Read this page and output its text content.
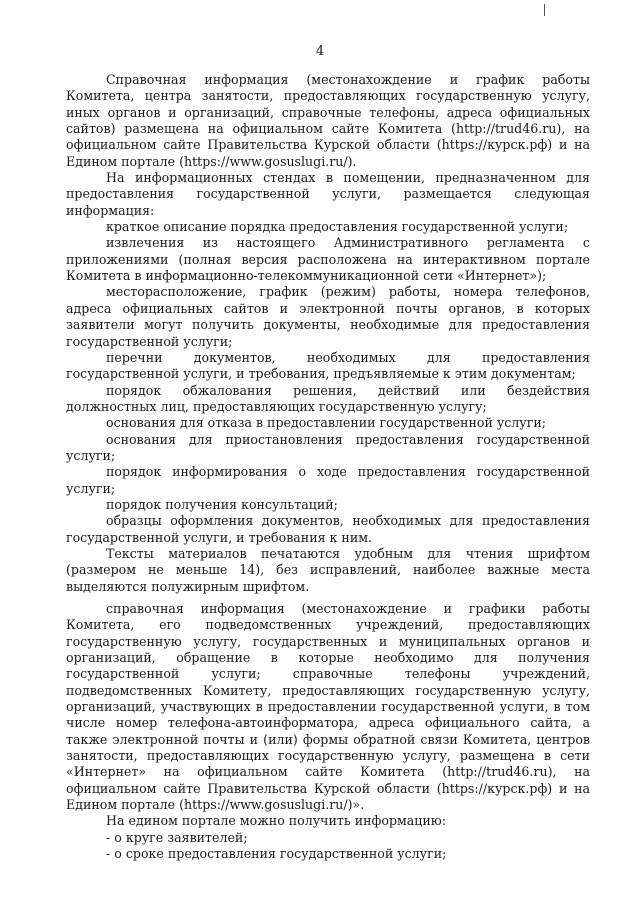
4

Справочная информация (местонахождение и график работы Комитета, центра занятости, предоставляющих государственную услугу, иных органов и организаций, справочные телефоны, адреса официальных сайтов) размещена на официальном сайте Комитета (http://trud46.ru), на официальном сайте Правительства Курской области (https://курск.рф) и на Едином портале (https://www.gosuslugi.ru/).

На информационных стендах в помещении, предназначенном для предоставления государственной услуги, размещается следующая информация:

краткое описание порядка предоставления государственной услуги;

извлечения из настоящего Административного регламента с приложениями (полная версия расположена на интерактивном портале Комитета в информационно-телекоммуникационной сети «Интернет»);

месторасположение, график (режим) работы, номера телефонов, адреса официальных сайтов и электронной почты органов, в которых заявители могут получить документы, необходимые для предоставления государственной услуги;

перечни документов, необходимых для предоставления государственной услуги, и требования, предъявляемые к этим документам;

порядок обжалования решения, действий или бездействия должностных лиц, предоставляющих государственную услугу;

основания для отказа в предоставлении государственной услуги;

основания для приостановления предоставления государственной услуги;

порядок информирования о ходе предоставления государственной услуги;

порядок получения консультаций;

образцы оформления документов, необходимых для предоставления государственной услуги, и требования к ним.

Тексты материалов печатаются удобным для чтения шрифтом (размером не меньше 14), без исправлений, наиболее важные места выделяются полужирным шрифтом.

справочная информация (местонахождение и графики работы Комитета, его подведомственных учреждений, предоставляющих государственную услугу, государственных и муниципальных органов и организаций, обращение в которые необходимо для получения государственной услуги; справочные телефоны учреждений, подведомственных Комитету, предоставляющих государственную услугу, организаций, участвующих в предоставлении государственной услуги, в том числе номер телефона-автоинформатора, адреса официального сайта, а также электронной почты и (или) формы обратной связи Комитета, центров занятости, предоставляющих государственную услугу, размещена в сети «Интернет» на официальном сайте Комитета (http://trud46.ru), на официальном сайте Правительства Курской области (https://курск.рф) и на Едином портале (https://www.gosuslugi.ru/)».

На едином портале можно получить информацию:

- о круге заявителей;

- о сроке предоставления государственной услуги;
